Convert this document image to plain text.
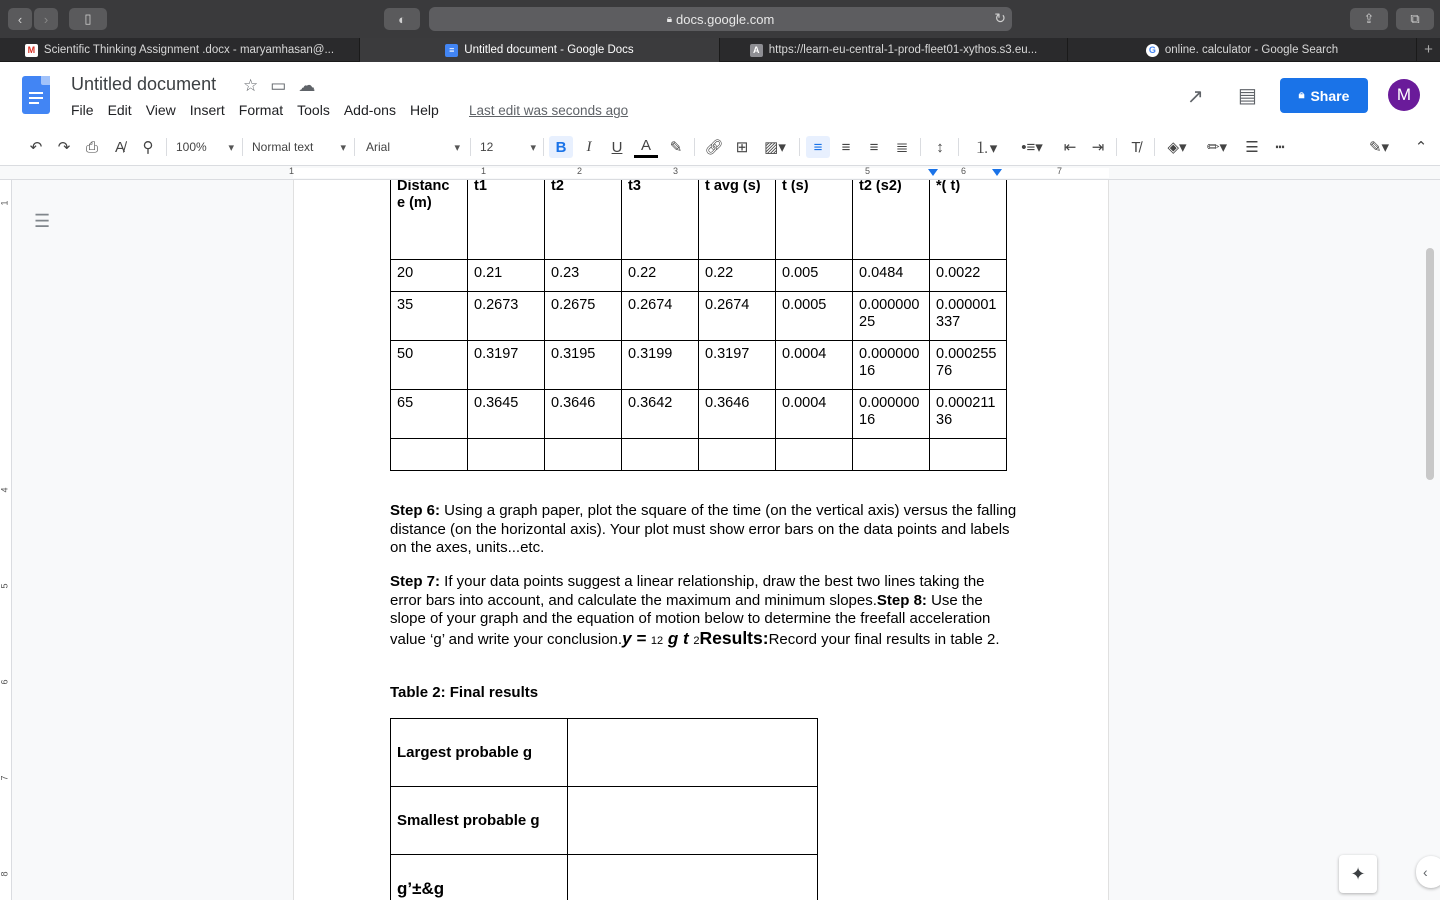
‹	›	▯	◐	🔒︎ docs.google.com	↻	⇪	⧉
M Scientific Thinking Assignment .docx - maryamhasan@...	≡ Untitled document - Google Docs	A https://learn-eu-central-1-prod-fleet01-xythos.s3.eu...	G online. calculator - Google Search	+
Untitled document ☆ ▭ ☁︎
File	Edit	View	Insert	Format	Tools	Add-ons	Help	Last edit was seconds ago
↗ ▤	🔒︎ Share	M
↶	↷	⎙	A̸	⚲	100% ▾	Normal text ▾	Arial ▾	12 ▾	B	I	U	A	✎	🔗︎ ⊞	▨▾	≡	≡	≡	≣	↕	⒈▾	•≡▾	⇤	⇥	T̸	◈▾	✏▾	☰	┅	✎▾	⌃
1	1	2	3	5	6	7
1
4
5
6
7
8
☰
Distanc e (m)	t1	t2	t3	t avg (s)	t (s)	t2 (s2)	*( t)
20	0.21	0.23	0.22	0.22	0.005	0.0484	0.0022
35	0.2673	0.2675	0.2674	0.2674	0.0005	0.000000 25	0.000001 337
50	0.3197	0.3195	0.3199	0.3197	0.0004	0.000000 16	0.000255 76
65	0.3645	0.3646	0.3642	0.3646	0.0004	0.000000 16	0.000211 36

Step 6: Using a graph paper, plot the square of the time (on the vertical axis) versus the falling distance (on the horizontal axis). Your plot must show error bars on the data points and labels on the axes, units...etc.
Step 7: If your data points suggest a linear relationship, draw the best two lines taking the error bars into account, and calculate the maximum and minimum slopes.Step 8: Use the slope of your graph and the equation of motion below to determine the freefall acceleration value ‘g’ and write your conclusion.y = 12 g t 2Results:Record your final results in table 2.
Table 2: Final results
Largest probable g	
Smallest probable g	
g’±&g	
✦	‹
